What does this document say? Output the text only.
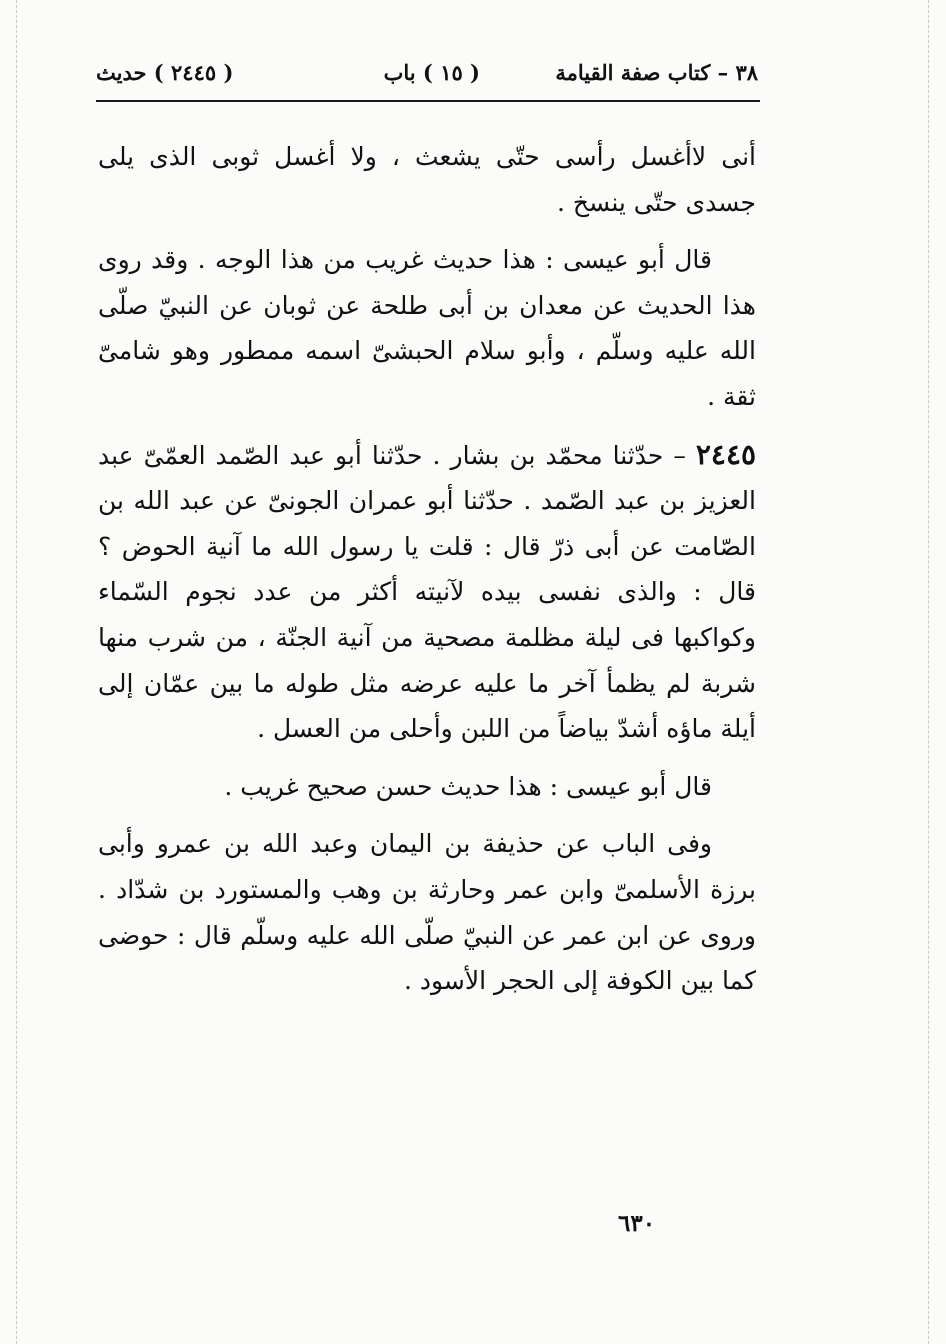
٣٨ – كتاب صفة القيامة
( ١٥ ) باب
( ٢٤٤٥ ) حديث

أنى لاأغسل رأسى حتّى يشعث ، ولا أغسل ثوبى الذى يلى جسدى حتّى ينسخ .

قال أبو عيسى : هذا حديث غريب من هذا الوجه . وقد روى هذا الحديث عن معدان بن أبى طلحة عن ثوبان عن النبيّ صلّى الله عليه وسلّم ، وأبو سلام الحبشىّ اسمه ممطور وهو شامىّ ثقة .

٢٤٤٥ – حدّثنا محمّد بن بشار . حدّثنا أبو عبد الصّمد العمّىّ عبد العزيز بن عبد الصّمد . حدّثنا أبو عمران الجونىّ عن عبد الله بن الصّامت عن أبى ذرّ قال : قلت يا رسول الله ما آنية الحوض ؟ قال : والذى نفسى بيده لآنيته أكثر من عدد نجوم السّماء وكواكبها فى ليلة مظلمة مصحية من آنية الجنّة ، من شرب منها شربة لم يظمأ آخر ما عليه عرضه مثل طوله ما بين عمّان إلى أيلة ماؤه أشدّ بياضاً من اللبن وأحلى من العسل .

قال أبو عيسى : هذا حديث حسن صحيح غريب .

وفى الباب عن حذيفة بن اليمان وعبد الله بن عمرو وأبى برزة الأسلمىّ وابن عمر وحارثة بن وهب والمستورد بن شدّاد . وروى عن ابن عمر عن النبيّ صلّى الله عليه وسلّم قال : حوضى كما بين الكوفة إلى الحجر الأسود .

٦٣٠
